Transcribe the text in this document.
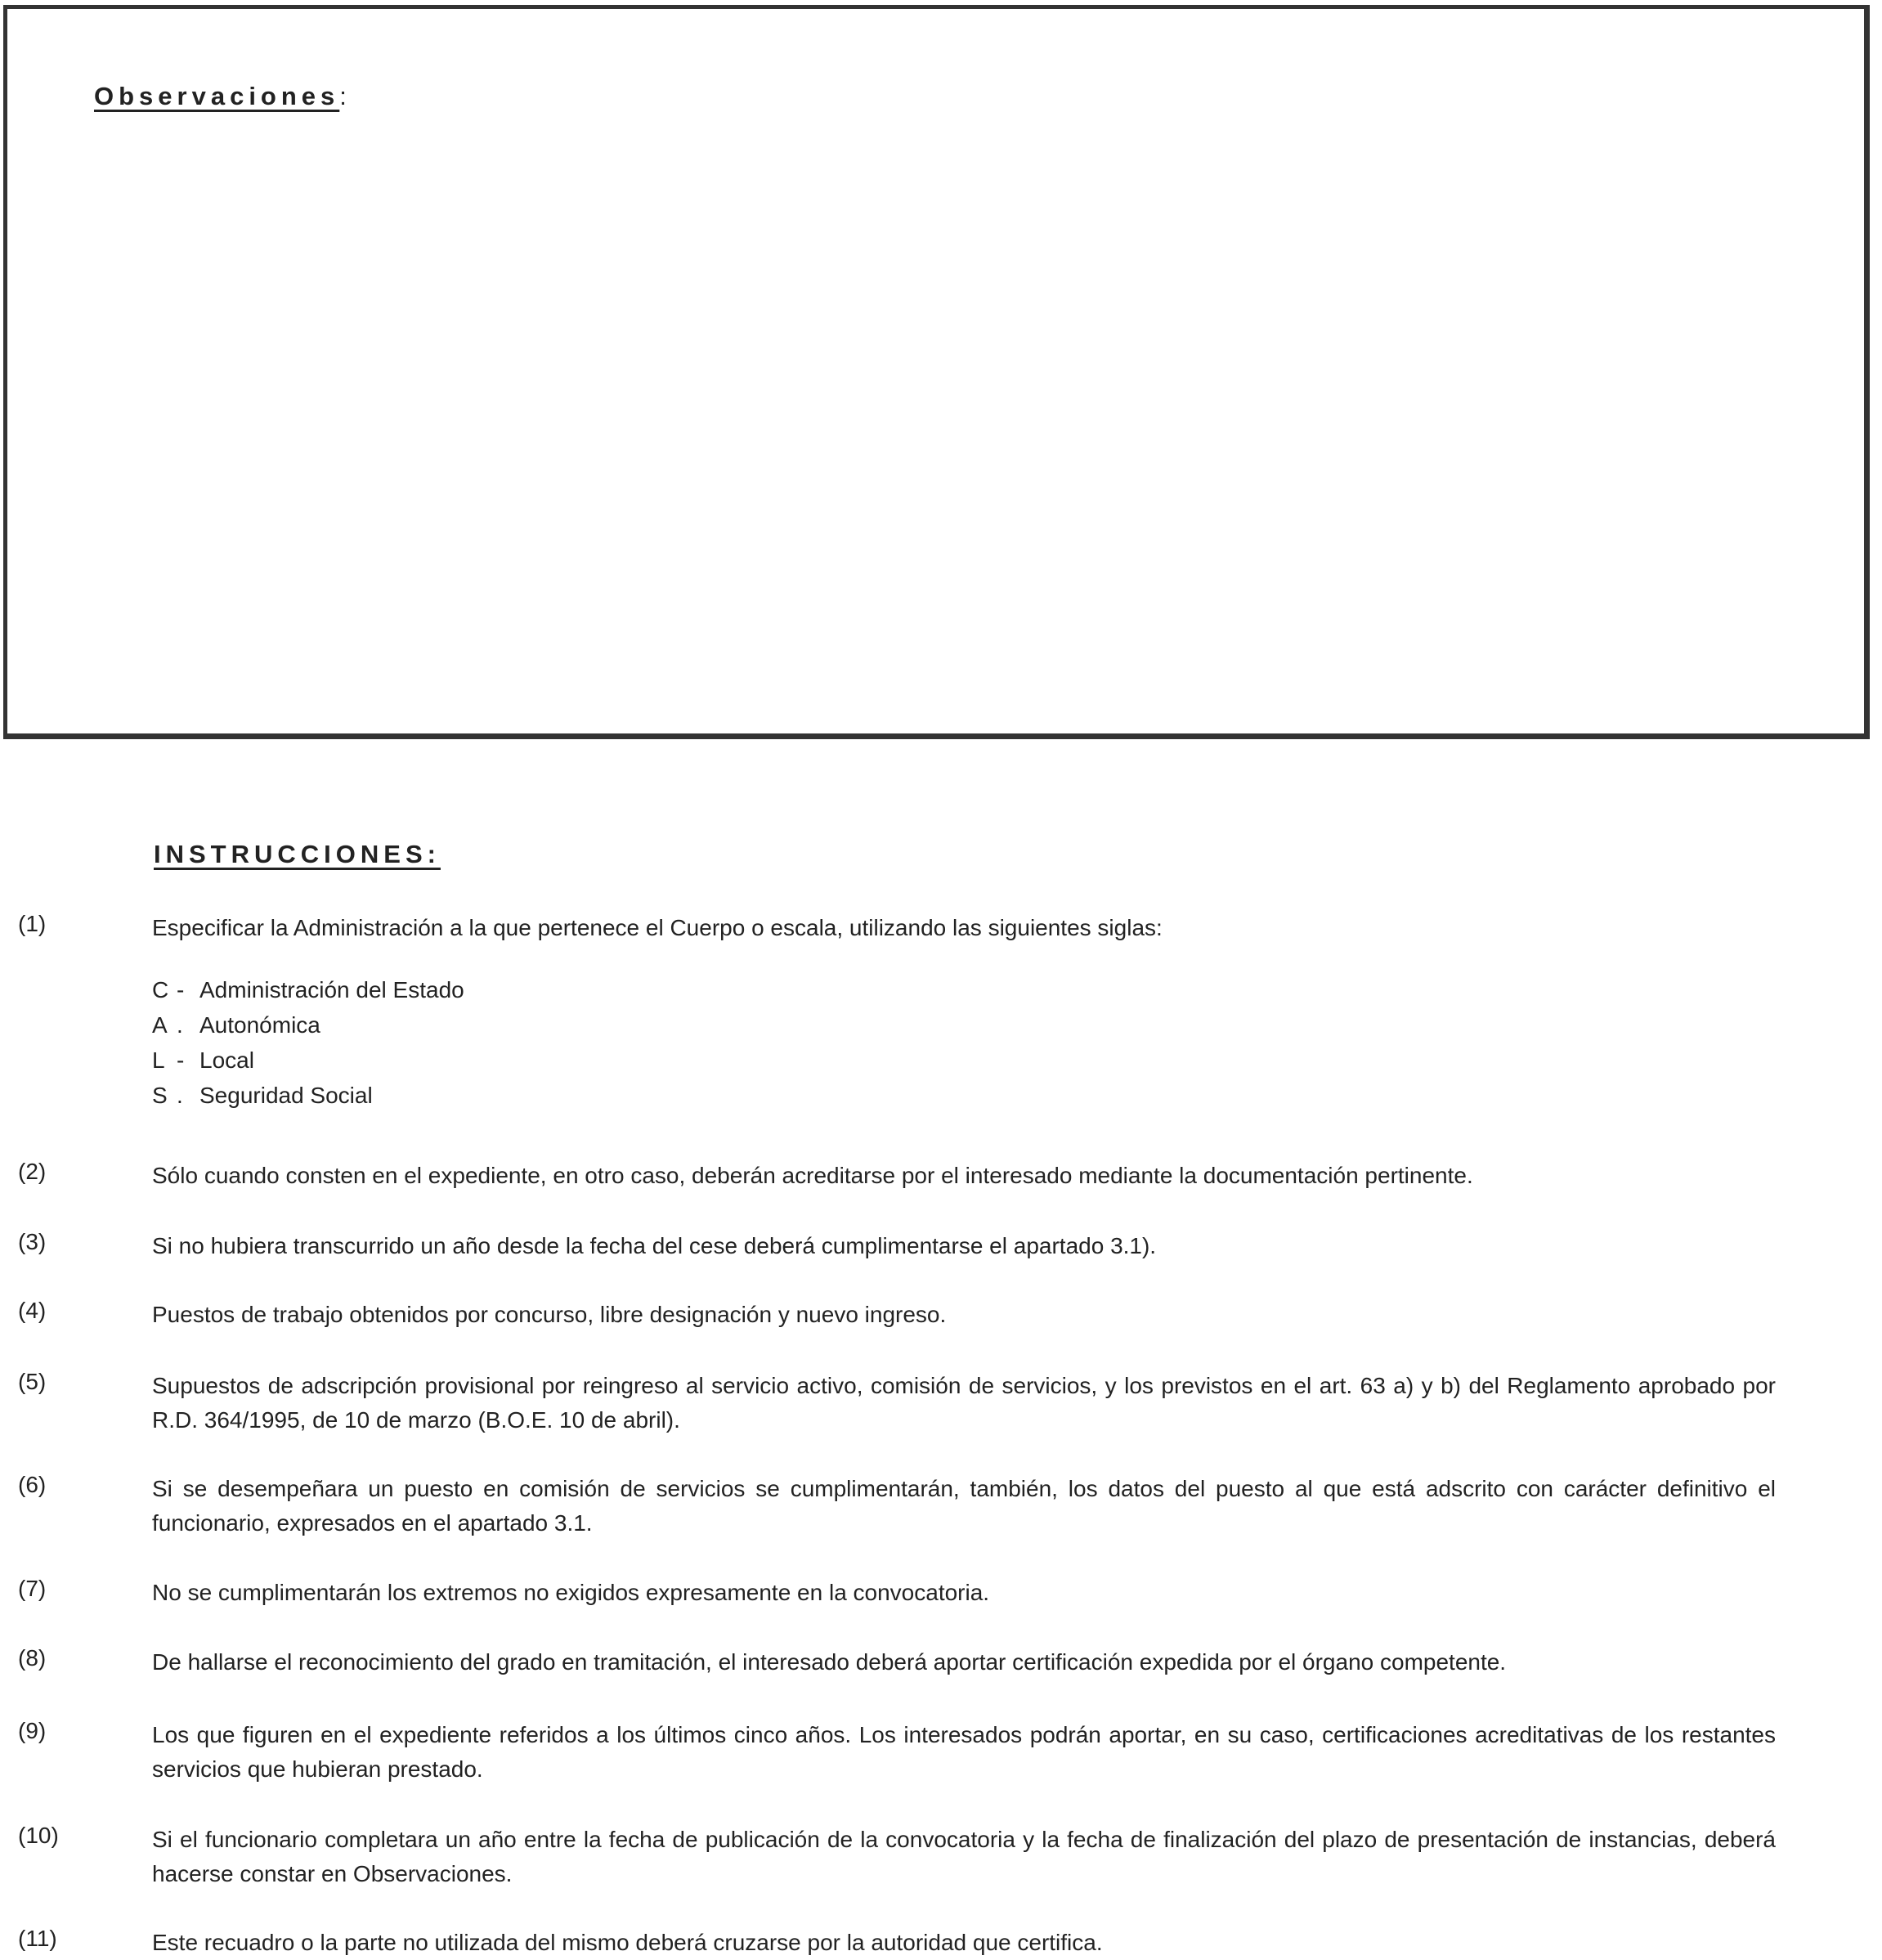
Observaciones:
INSTRUCCIONES:
(1)	Especificar la Administración a la que pertenece el Cuerpo o escala, utilizando las siguientes siglas:
C - Administración del Estado
A . Autonómica
L - Local
S . Seguridad Social
(2)	Sólo cuando consten en el expediente, en otro caso, deberán acreditarse por el interesado mediante la documentación pertinente.
(3)	Si no hubiera transcurrido un año desde la fecha del cese deberá cumplimentarse el apartado 3.1).
(4)	Puestos de trabajo obtenidos por concurso, libre designación y nuevo ingreso.
(5)	Supuestos de adscripción provisional por reingreso al servicio activo, comisión de servicios, y los previstos en el art. 63 a) y b) del Reglamento aprobado por R.D. 364/1995, de 10 de marzo (B.O.E. 10 de abril).
(6)	Si se desempeñara un puesto en comisión de servicios se cumplimentarán, también, los datos del puesto al que está adscrito con carácter definitivo el funcionario, expresados en el apartado 3.1.
(7)	No se cumplimentarán los extremos no exigidos expresamente en la convocatoria.
(8)	De hallarse el reconocimiento del grado en tramitación, el interesado deberá aportar certificación expedida por el órgano competente.
(9)	Los que figuren en el expediente referidos a los últimos cinco años. Los interesados podrán aportar, en su caso, certificaciones acreditativas de los restantes servicios que hubieran prestado.
(10)	Si el funcionario completara un año entre la fecha de publicación de la convocatoria y la fecha de finalización del plazo de presentación de instancias, deberá hacerse constar en Observaciones.
(11)	Este recuadro o la parte no utilizada del mismo deberá cruzarse por la autoridad que certifica.
